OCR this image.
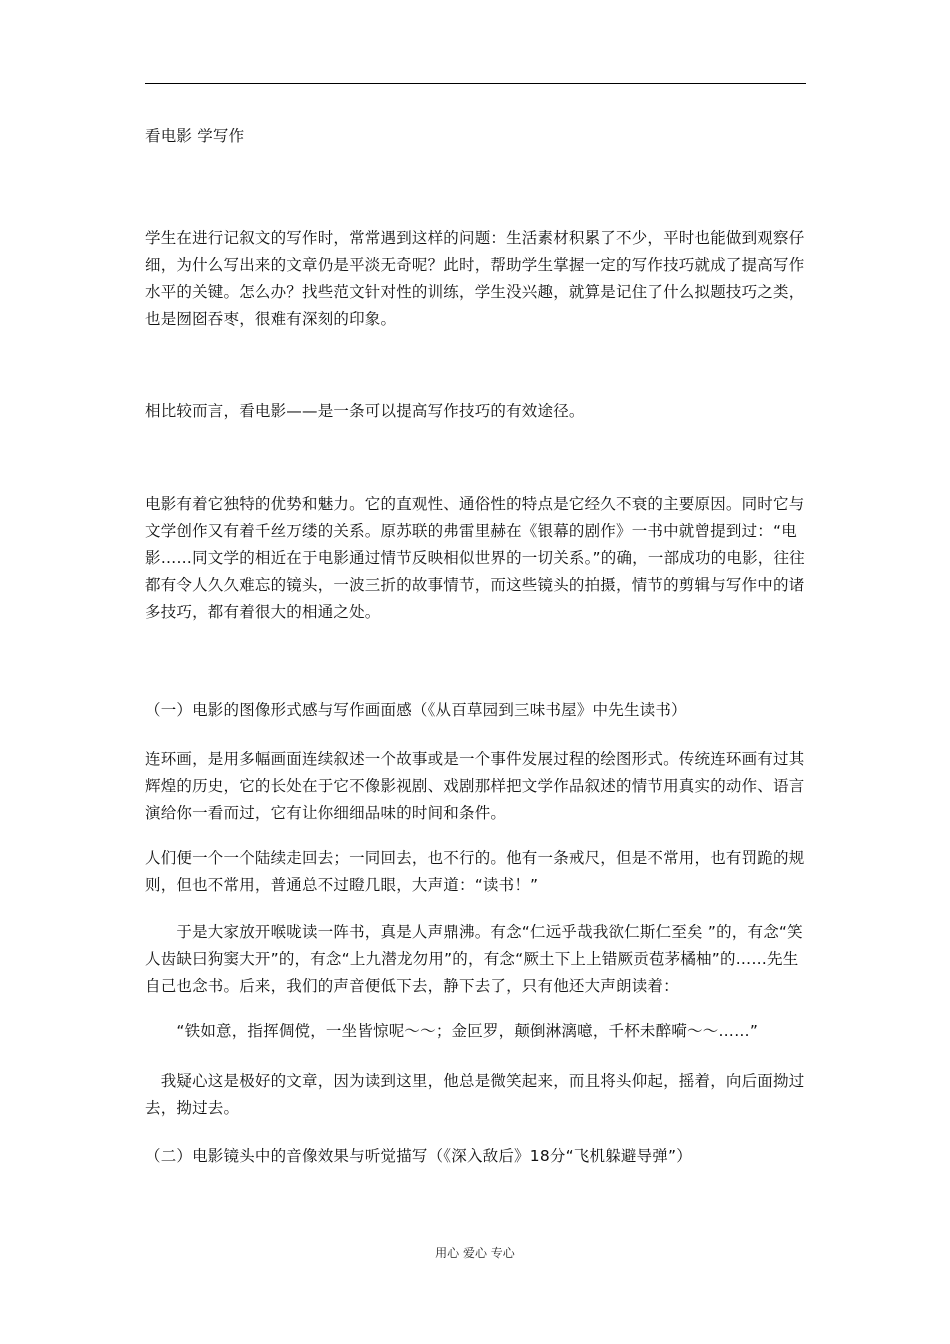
看电影 学写作

学生在进行记叙文的写作时，常常遇到这样的问题：生活素材积累了不少，平时也能做到观察仔细，为什么写出来的文章仍是平淡无奇呢？此时，帮助学生掌握一定的写作技巧就成了提高写作水平的关键。怎么办？找些范文针对性的训练，学生没兴趣，就算是记住了什么拟题技巧之类，也是囫囵吞枣，很难有深刻的印象。

相比较而言，看电影——是一条可以提高写作技巧的有效途径。

电影有着它独特的优势和魅力。它的直观性、通俗性的特点是它经久不衰的主要原因。同时它与文学创作又有着千丝万缕的关系。原苏联的弗雷里赫在《银幕的剧作》一书中就曾提到过：“电影……同文学的相近在于电影通过情节反映相似世界的一切关系。”的确，一部成功的电影，往往都有令人久久难忘的镜头，一波三折的故事情节，而这些镜头的拍摄，情节的剪辑与写作中的诸多技巧，都有着很大的相通之处。

（一）电影的图像形式感与写作画面感（《从百草园到三味书屋》中先生读书）

连环画，是用多幅画面连续叙述一个故事或是一个事件发展过程的绘图形式。传统连环画有过其辉煌的历史，它的长处在于它不像影视剧、戏剧那样把文学作品叙述的情节用真实的动作、语言演给你一看而过，它有让你细细品味的时间和条件。

人们便一个一个陆续走回去；一同回去，也不行的。他有一条戒尺，但是不常用，也有罚跪的规则，但也不常用，普通总不过瞪几眼，大声道：“读书！”

　　于是大家放开喉咙读一阵书，真是人声鼎沸。有念“仁远乎哉我欲仁斯仁至矣 ”的，有念“笑人齿缺曰狗窦大开”的，有念“上九潜龙勿用”的，有念“厥土下上上错厥贡苞茅橘柚”的……先生自己也念书。后来，我们的声音便低下去，静下去了，只有他还大声朗读着：

　　“铁如意，指挥倜傥，一坐皆惊呢～～；金叵罗，颠倒淋漓噫，千杯未醉嗬～～……”

　我疑心这是极好的文章，因为读到这里，他总是微笑起来，而且将头仰起，摇着，向后面拗过去，拗过去。

（二）电影镜头中的音像效果与听觉描写（《深入敌后》18分“飞机躲避导弹”）

用心 爱心 专心
